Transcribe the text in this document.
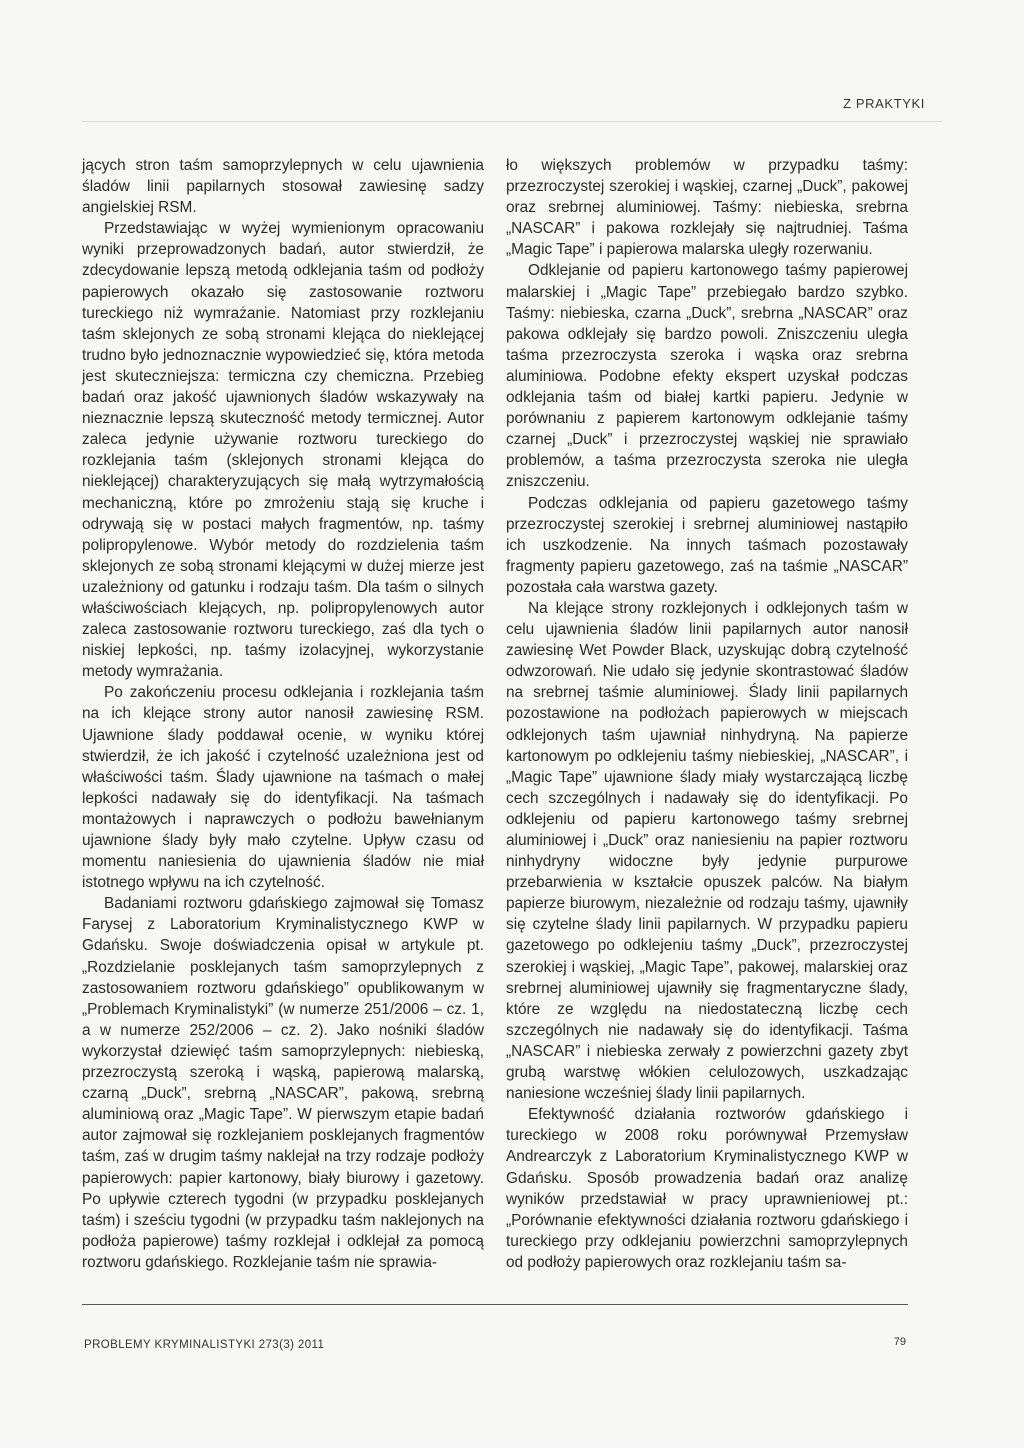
Z PRAKTYKI

jących stron taśm samoprzylepnych w celu ujawnienia śladów linii papilarnych stosował zawiesinę sadzy angielskiej RSM.

Przedstawiając w wyżej wymienionym opracowaniu wyniki przeprowadzonych badań, autor stwierdził, że zdecydowanie lepszą metodą odklejania taśm od podłoży papierowych okazało się zastosowanie roztworu tureckiego niż wymrażanie. Natomiast przy rozklejaniu taśm sklejonych ze sobą stronami klejąca do nieklejącej trudno było jednoznacznie wypowiedzieć się, która metoda jest skuteczniejsza: termiczna czy chemiczna. Przebieg badań oraz jakość ujawnionych śladów wskazywały na nieznacznie lepszą skuteczność metody termicznej. Autor zaleca jedynie używanie roztworu tureckiego do rozklejania taśm (sklejonych stronami klejąca do nieklejącej) charakteryzujących się małą wytrzymałością mechaniczną, które po zmrożeniu stają się kruche i odrywają się w postaci małych fragmentów, np. taśmy polipropylenowe. Wybór metody do rozdzielenia taśm sklejonych ze sobą stronami klejącymi w dużej mierze jest uzależniony od gatunku i rodzaju taśm. Dla taśm o silnych właściwościach klejących, np. polipropylenowych autor zaleca zastosowanie roztworu tureckiego, zaś dla tych o niskiej lepkości, np. taśmy izolacyjnej, wykorzystanie metody wymrażania.

Po zakończeniu procesu odklejania i rozklejania taśm na ich klejące strony autor nanosił zawiesinę RSM. Ujawnione ślady poddawał ocenie, w wyniku której stwierdził, że ich jakość i czytelność uzależniona jest od właściwości taśm. Ślady ujawnione na taśmach o małej lepkości nadawały się do identyfikacji. Na taśmach montażowych i naprawczych o podłożu bawełnianym ujawnione ślady były mało czytelne. Upływ czasu od momentu naniesienia do ujawnienia śladów nie miał istotnego wpływu na ich czytelność.

Badaniami roztworu gdańskiego zajmował się Tomasz Farysej z Laboratorium Kryminalistycznego KWP w Gdańsku. Swoje doświadczenia opisał w artykule pt. „Rozdzielanie posklejanych taśm samoprzylepnych z zastosowaniem roztworu gdańskiego” opublikowanym w „Problemach Kryminalistyki” (w numerze 251/2006 – cz. 1, a w numerze 252/2006 – cz. 2). Jako nośniki śladów wykorzystał dziewięć taśm samoprzylepnych: niebieską, przezroczystą szeroką i wąską, papierową malarską, czarną „Duck”, srebrną „NASCAR”, pakową, srebrną aluminiową oraz „Magic Tape”. W pierwszym etapie badań autor zajmował się rozklejaniem posklejanych fragmentów taśm, zaś w drugim taśmy naklejał na trzy rodzaje podłoży papierowych: papier kartonowy, biały biurowy i gazetowy. Po upływie czterech tygodni (w przypadku posklejanych taśm) i sześciu tygodni (w przypadku taśm naklejonych na podłoża papierowe) taśmy rozklejał i odklejał za pomocą roztworu gdańskiego. Rozklejanie taśm nie sprawia-

ło większych problemów w przypadku taśmy: przezroczystej szerokiej i wąskiej, czarnej „Duck”, pakowej oraz srebrnej aluminiowej. Taśmy: niebieska, srebrna „NASCAR” i pakowa rozklejały się najtrudniej. Taśma „Magic Tape” i papierowa malarska uległy rozerwaniu.

Odklejanie od papieru kartonowego taśmy papierowej malarskiej i „Magic Tape” przebiegało bardzo szybko. Taśmy: niebieska, czarna „Duck”, srebrna „NASCAR” oraz pakowa odklejały się bardzo powoli. Zniszczeniu uległa taśma przezroczysta szeroka i wąska oraz srebrna aluminiowa. Podobne efekty ekspert uzyskał podczas odklejania taśm od białej kartki papieru. Jedynie w porównaniu z papierem kartonowym odklejanie taśmy czarnej „Duck” i przezroczystej wąskiej nie sprawiało problemów, a taśma przezroczysta szeroka nie uległa zniszczeniu.

Podczas odklejania od papieru gazetowego taśmy przezroczystej szerokiej i srebrnej aluminiowej nastąpiło ich uszkodzenie. Na innych taśmach pozostawały fragmenty papieru gazetowego, zaś na taśmie „NASCAR” pozostała cała warstwa gazety.

Na klejące strony rozklejonych i odklejonych taśm w celu ujawnienia śladów linii papilarnych autor nanosił zawiesinę Wet Powder Black, uzyskując dobrą czytelność odwzorowań. Nie udało się jedynie skontrastować śladów na srebrnej taśmie aluminiowej. Ślady linii papilarnych pozostawione na podłożach papierowych w miejscach odklejonych taśm ujawniał ninhydryną. Na papierze kartonowym po odklejeniu taśmy niebieskiej, „NASCAR”, i „Magic Tape” ujawnione ślady miały wystarczającą liczbę cech szczególnych i nadawały się do identyfikacji. Po odklejeniu od papieru kartonowego taśmy srebrnej aluminiowej i „Duck” oraz naniesieniu na papier roztworu ninhydryny widoczne były jedynie purpurowe przebarwienia w kształcie opuszek palców. Na białym papierze biurowym, niezależnie od rodzaju taśmy, ujawniły się czytelne ślady linii papilarnych. W przypadku papieru gazetowego po odklejeniu taśmy „Duck”, przezroczystej szerokiej i wąskiej, „Magic Tape”, pakowej, malarskiej oraz srebrnej aluminiowej ujawniły się fragmentaryczne ślady, które ze względu na niedostateczną liczbę cech szczególnych nie nadawały się do identyfikacji. Taśma „NASCAR” i niebieska zerwały z powierzchni gazety zbyt grubą warstwę włókien celulozowych, uszkadzając naniesione wcześniej ślady linii papilarnych.

Efektywność działania roztworów gdańskiego i tureckiego w 2008 roku porównywał Przemysław Andrearczyk z Laboratorium Kryminalistycznego KWP w Gdańsku. Sposób prowadzenia badań oraz analizę wyników przedstawiał w pracy uprawnieniowej pt.: „Porównanie efektywności działania roztworu gdańskiego i tureckiego przy odklejaniu powierzchni samoprzylepnych od podłoży papierowych oraz rozklejaniu taśm sa-

PROBLEMY KRYMINALISTYKI 273(3) 2011	79
